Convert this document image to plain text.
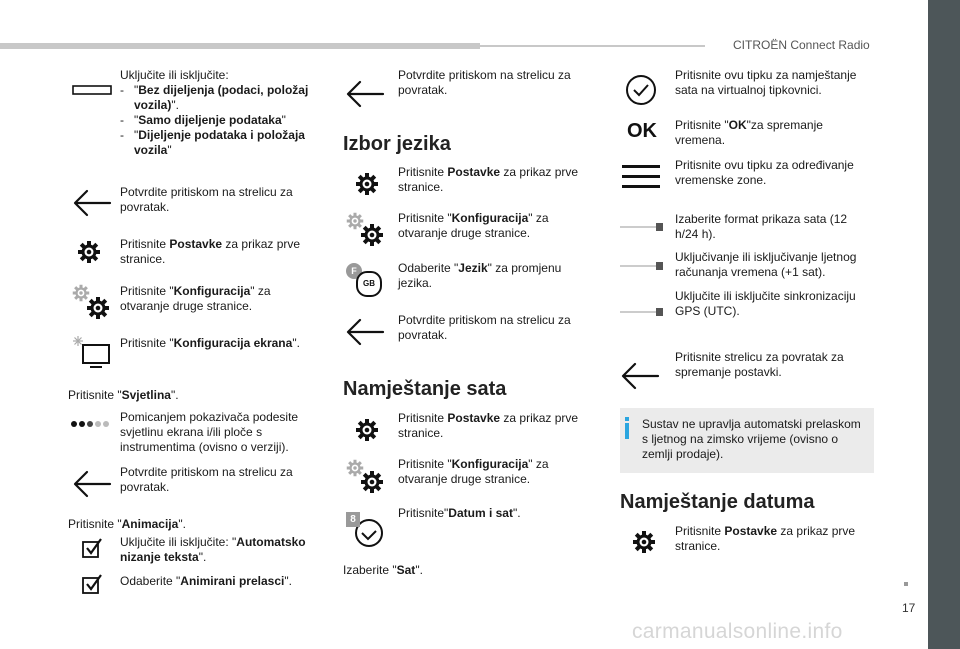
CITROËN Connect Radio
Uključite ili isključite:
- "Bez dijeljenja (podaci, položaj vozila)".
- "Samo dijeljenje podataka"
- "Dijeljenje podataka i položaja vozila"
Potvrdite pritiskom na strelicu za povratak.
Pritisnite Postavke za prikaz prve stranice.
Pritisnite "Konfiguracija" za otvaranje druge stranice.
Pritisnite "Konfiguracija ekrana".
Pritisnite "Svjetlina".
Pomicanjem pokazivača podesite svjetlinu ekrana i/ili ploče s instrumentima (ovisno o verziji).
Potvrdite pritiskom na strelicu za povratak.
Pritisnite "Animacija".
Uključite ili isključite: "Automatsko nizanje teksta".
Odaberite "Animirani prelasci".
Potvrdite pritiskom na strelicu za povratak.
Izbor jezika
Pritisnite Postavke za prikaz prve stranice.
Pritisnite "Konfiguracija" za otvaranje druge stranice.
F
GB
Odaberite "Jezik" za promjenu jezika.
Potvrdite pritiskom na strelicu za povratak.
Namještanje sata
Pritisnite Postavke za prikaz prve stranice.
Pritisnite "Konfiguracija" za otvaranje druge stranice.
8	Pritisnite"Datum i sat".
Izaberite "Sat".
Pritisnite ovu tipku za namještanje sata na virtualnoj tipkovnici.
OK Pritisnite "OK"za spremanje vremena.
Pritisnite ovu tipku za određivanje vremenske zone.
Izaberite format prikaza sata (12 h/24 h).
Uključivanje ili isključivanje ljetnog računanja vremena (+1 sat).
Uključite ili isključite sinkronizaciju GPS (UTC).
Pritisnite strelicu za povratak za spremanje postavki.
Sustav ne upravlja automatski prelaskom s ljetnog na zimsko vrijeme (ovisno o zemlji prodaje).
Namještanje datuma
Pritisnite Postavke za prikaz prve stranice.
17
carmanualsonline.info
